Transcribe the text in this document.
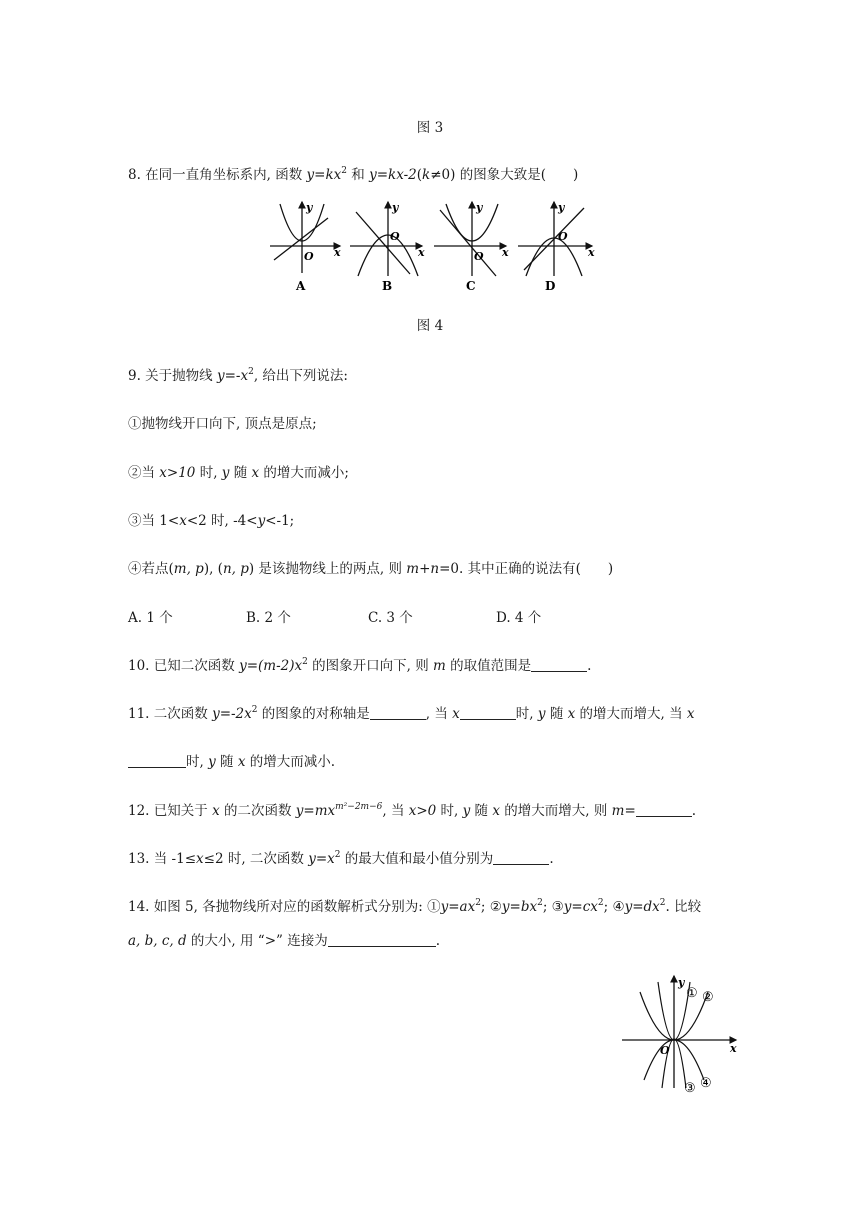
图 3
8. 在同一直角坐标系内, 函数 $y=kx^2$ 和 y=kx-2(k≠0) 的图象大致是(　　)
O x
y
A
O
x
y
B
O x
y
C
O
x
y
D
图 4
9. 关于抛物线 $y=-x^2$, 给出下列说法:
①抛物线开口向下, 顶点是原点;
②当 x>10 时, y 随 x 的增大而减小;
③当 1<x<2 时, -4<y<-1;
④若点(m, p), (n, p) 是该抛物线上的两点, 则 m+n=0. 其中正确的说法有(　　)
A. 1 个	B. 2 个	C. 3 个	D. 4 个
10. 已知二次函数 $y=(m-2)x^2$ 的图象开口向下, 则 m 的取值范围是	.
11. 二次函数 $y=-2x^2$ 的图象的对称轴是	, 当 x	时, y 随 x 的增大而增大, 当 x
时, y 随 x 的增大而减小.
12. 已知关于 x 的二次函数 $y=mx^{m^2-2m-6}$, 当 x>0 时, y 随 x 的增大而增大, 则 m=	.
13. 当 -1≤x≤2 时, 二次函数 $y=x^2$ 的最大值和最小值分别为	.
14. 如图 5, 各抛物线所对应的函数解析式分别为: $①y=ax^2$; $②y=bx^2$; $③y=cx^2$; $④y=dx^2$. 比较
a, b, c, d 的大小, 用 “>” 连接为	.
O	x
y
① ②
③ ④
